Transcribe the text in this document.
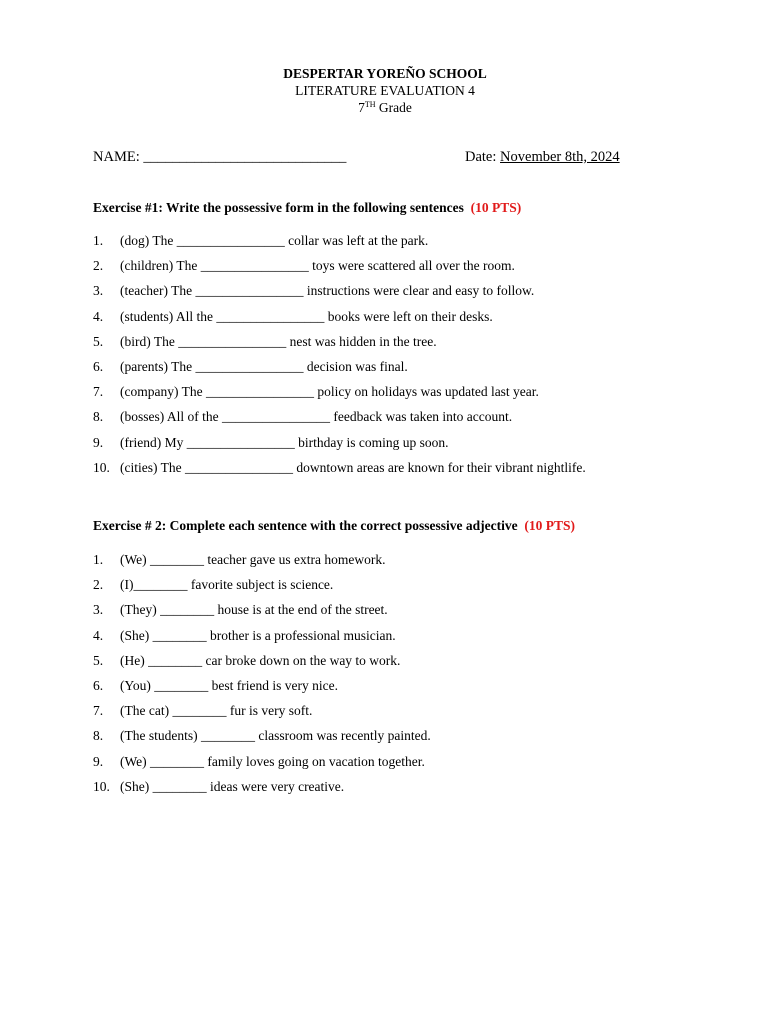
DESPERTAR YOREÑO SCHOOL
LITERATURE EVALUATION 4
7TH Grade
NAME: ____________________________	Date: November 8th, 2024
Exercise #1: Write the possessive form in the following sentences  (10 PTS)
1. (dog) The ________________ collar was left at the park.
2. (children) The ________________ toys were scattered all over the room.
3. (teacher) The ________________ instructions were clear and easy to follow.
4. (students) All the ________________ books were left on their desks.
5. (bird) The ________________ nest was hidden in the tree.
6. (parents) The ________________ decision was final.
7. (company) The ________________ policy on holidays was updated last year.
8. (bosses) All of the ________________ feedback was taken into account.
9. (friend) My ________________ birthday is coming up soon.
10. (cities) The ________________ downtown areas are known for their vibrant nightlife.
Exercise # 2: Complete each sentence with the correct possessive adjective  (10 PTS)
1. (We) ________ teacher gave us extra homework.
2. (I)________ favorite subject is science.
3. (They) ________ house is at the end of the street.
4. (She) ________ brother is a professional musician.
5. (He) ________ car broke down on the way to work.
6. (You) ________ best friend is very nice.
7. (The cat) ________ fur is very soft.
8. (The students) ________ classroom was recently painted.
9. (We) ________ family loves going on vacation together.
10. (She) ________ ideas were very creative.
